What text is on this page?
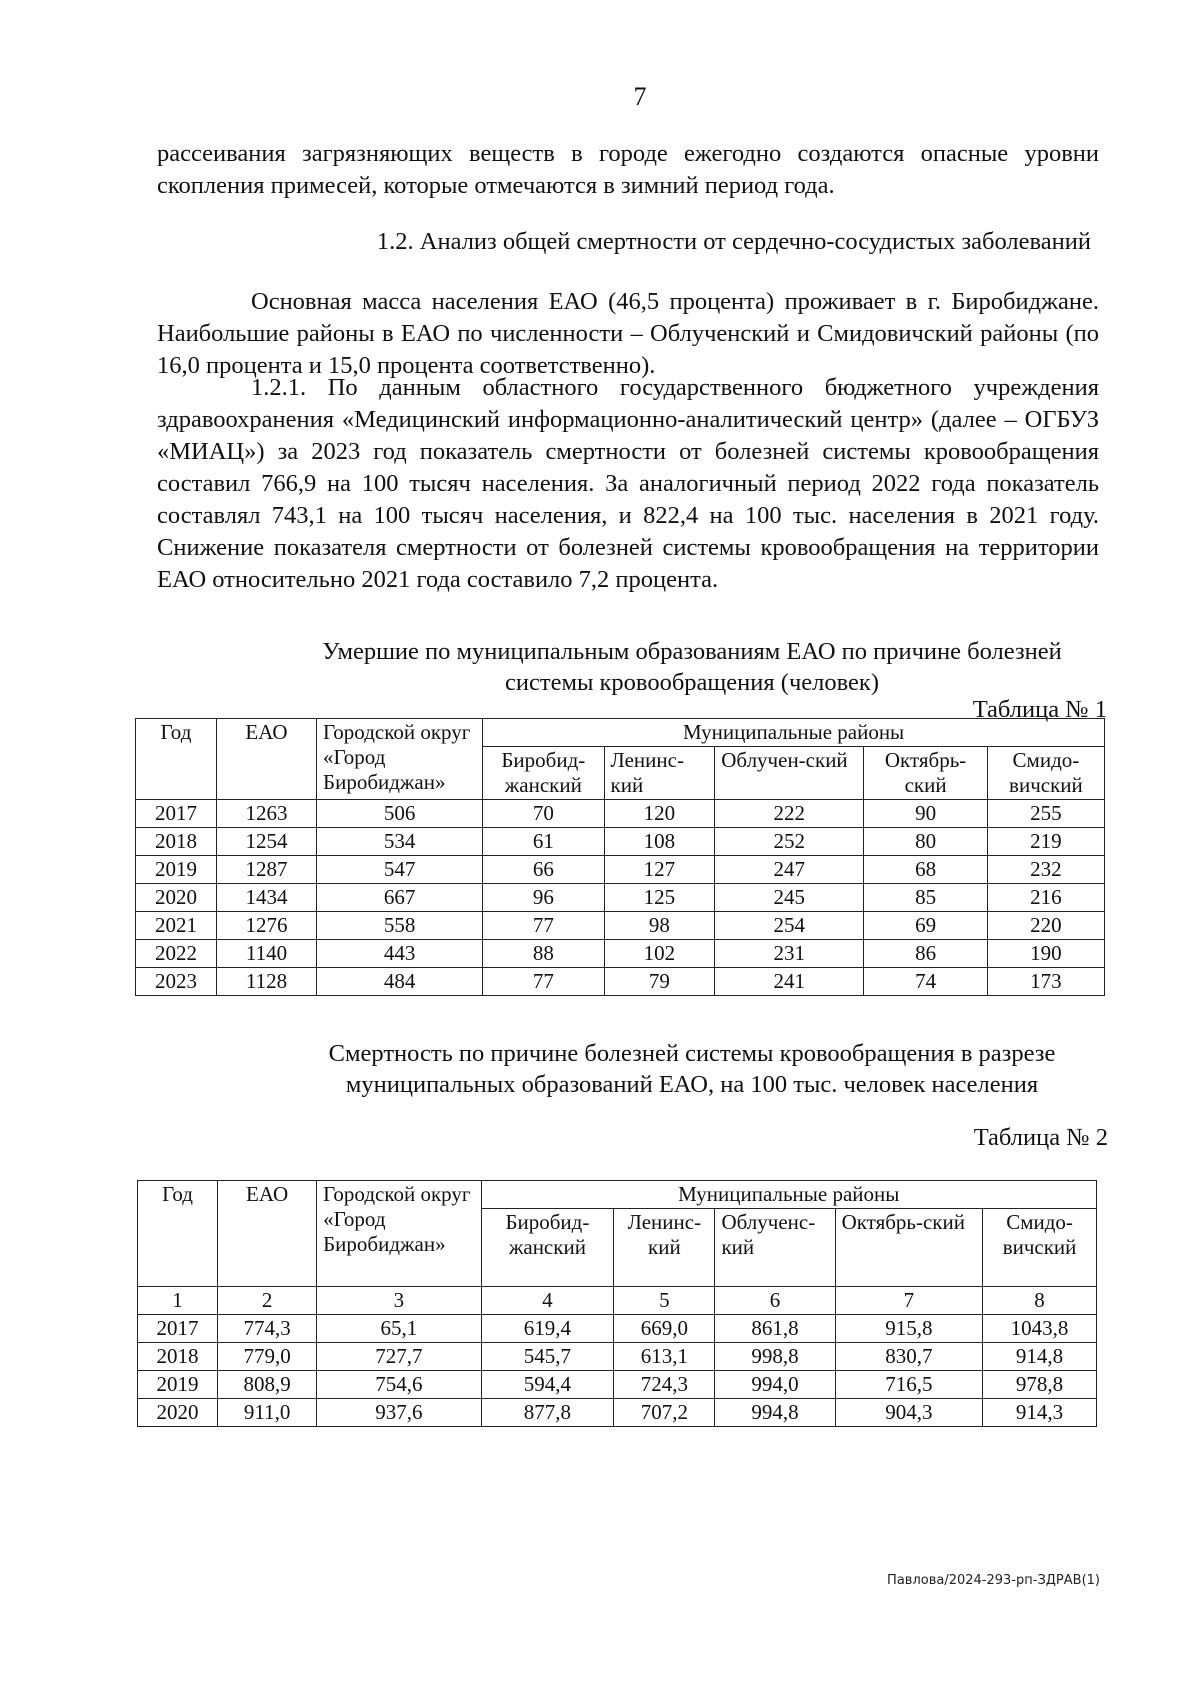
7

рассеивания загрязняющих веществ в городе ежегодно создаются опасные уровни скопления примесей, которые отмечаются в зимний период года.

1.2. Анализ общей смертности от сердечно-сосудистых заболеваний

Основная масса населения ЕАО (46,5 процента) проживает в г. Биробиджане. Наибольшие районы в ЕАО по численности – Облученский и Смидовичский районы (по 16,0 процента и 15,0 процента соответственно).

1.2.1. По данным областного государственного бюджетного учреждения здравоохранения «Медицинский информационно-аналитический центр» (далее – ОГБУЗ «МИАЦ») за 2023 год показатель смертности от болезней системы кровообращения составил 766,9 на 100 тысяч населения. За аналогичный период 2022 года показатель составлял 743,1 на 100 тысяч населения, и 822,4 на 100 тыс. населения в 2021 году. Снижение показателя смертности от болезней системы кровообращения на территории ЕАО относительно 2021 года составило 7,2 процента.

Умершие по муниципальным образованиям ЕАО по причине болезней
системы кровообращения (человек)
Таблица № 1
Год	ЕАО	Городской округ «Город Биробиджан»	Муниципальные районы				
			Биробид-жанский	Ленинс-кий	Облучен-ский	Октябрь-ский	Смидо-вичский
2017	1263	506	70	120	222	90	255
2018	1254	534	61	108	252	80	219
2019	1287	547	66	127	247	68	232
2020	1434	667	96	125	245	85	216
2021	1276	558	77	98	254	69	220
2022	1140	443	88	102	231	86	190
2023	1128	484	77	79	241	74	173
Смертность по причине болезней системы кровообращения в разрезе
муниципальных образований ЕАО, на 100 тыс. человек населения
Таблица № 2
Год	ЕАО	Городской округ «Город Биробиджан»	Муниципальные районы				
			Биробид-жанский	Ленинс-кий	Облученс-кий	Октябрь-ский	Смидо-вичский
1	2	3	4	5	6	7	8
2017	774,3	65,1	619,4	669,0	861,8	915,8	1043,8
2018	779,0	727,7	545,7	613,1	998,8	830,7	914,8
2019	808,9	754,6	594,4	724,3	994,0	716,5	978,8
2020	911,0	937,6	877,8	707,2	994,8	904,3	914,3
Павлова/2024-293-рп-ЗДРАВ(1)
